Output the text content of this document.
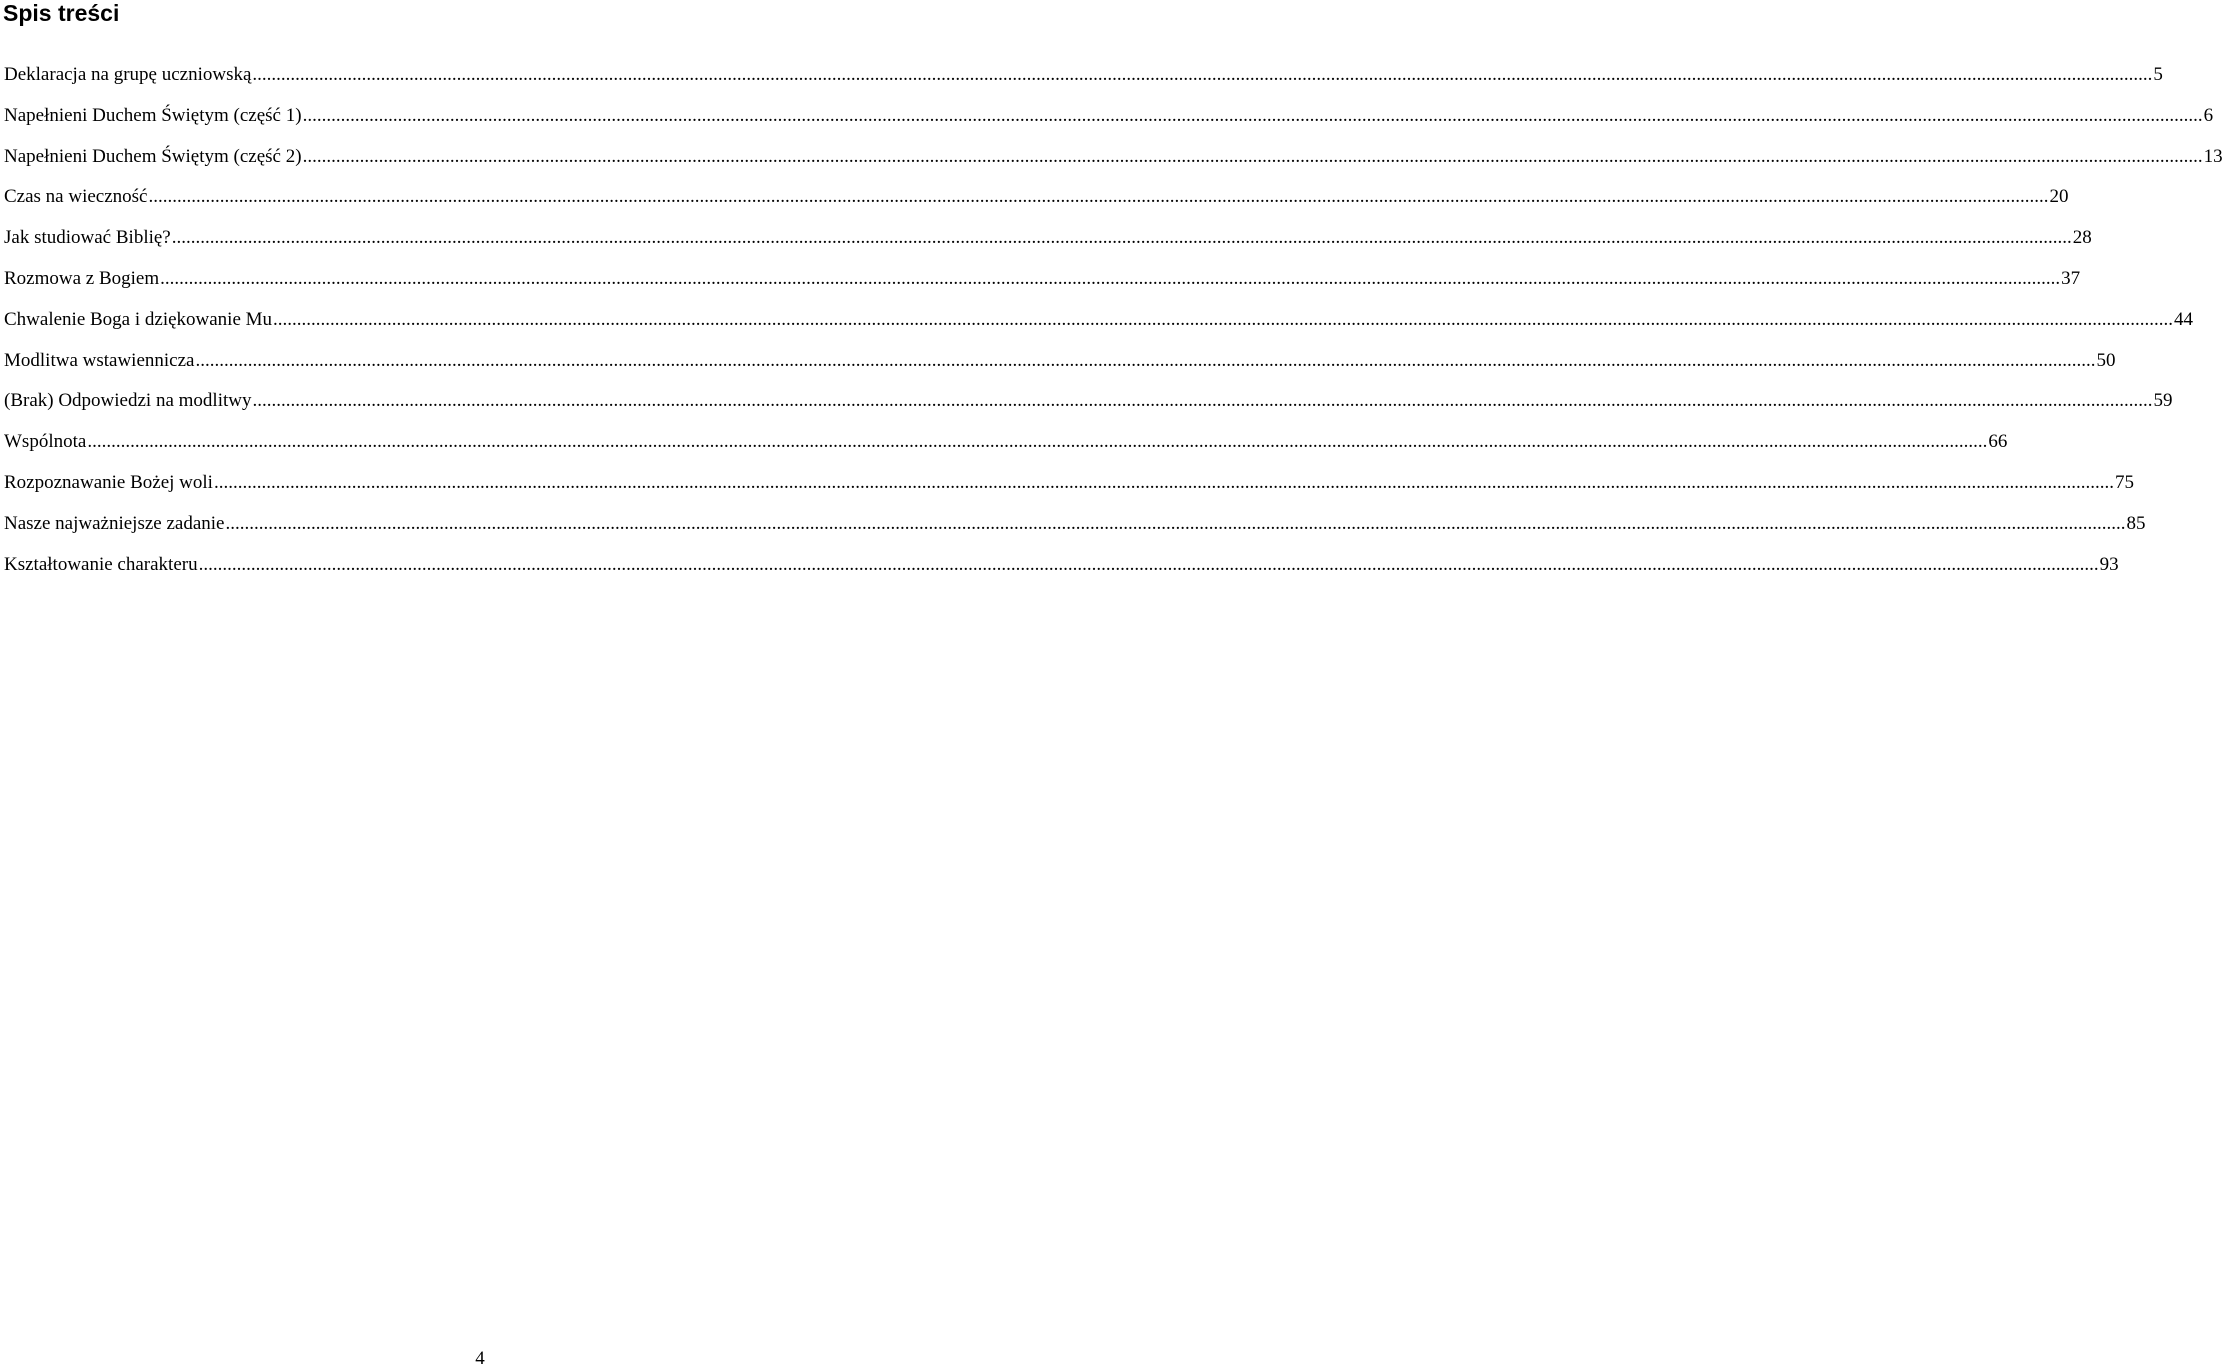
Spis treści
Deklaracja na grupę uczniowską ................................................................................................................................................................................................................................................................................................................................................................................................................ 5
Napełnieni Duchem Świętym (część 1) ................................................................................................................................................................................................................................................................................................................................................................................................................ 6
Napełnieni Duchem Świętym (część 2) ................................................................................................................................................................................................................................................................................................................................................................................................................ 13
Czas na wieczność ................................................................................................................................................................................................................................................................................................................................................................................................................ 20
Jak studiować Biblię? ................................................................................................................................................................................................................................................................................................................................................................................................................ 28
Rozmowa z Bogiem ................................................................................................................................................................................................................................................................................................................................................................................................................ 37
Chwalenie Boga i dziękowanie Mu ................................................................................................................................................................................................................................................................................................................................................................................................................ 44
Modlitwa wstawiennicza ................................................................................................................................................................................................................................................................................................................................................................................................................ 50
(Brak) Odpowiedzi na modlitwy ................................................................................................................................................................................................................................................................................................................................................................................................................ 59
Wspólnota ................................................................................................................................................................................................................................................................................................................................................................................................................ 66
Rozpoznawanie Bożej woli ................................................................................................................................................................................................................................................................................................................................................................................................................ 75
Nasze najważniejsze zadanie ................................................................................................................................................................................................................................................................................................................................................................................................................ 85
Kształtowanie charakteru ................................................................................................................................................................................................................................................................................................................................................................................................................ 93
4
